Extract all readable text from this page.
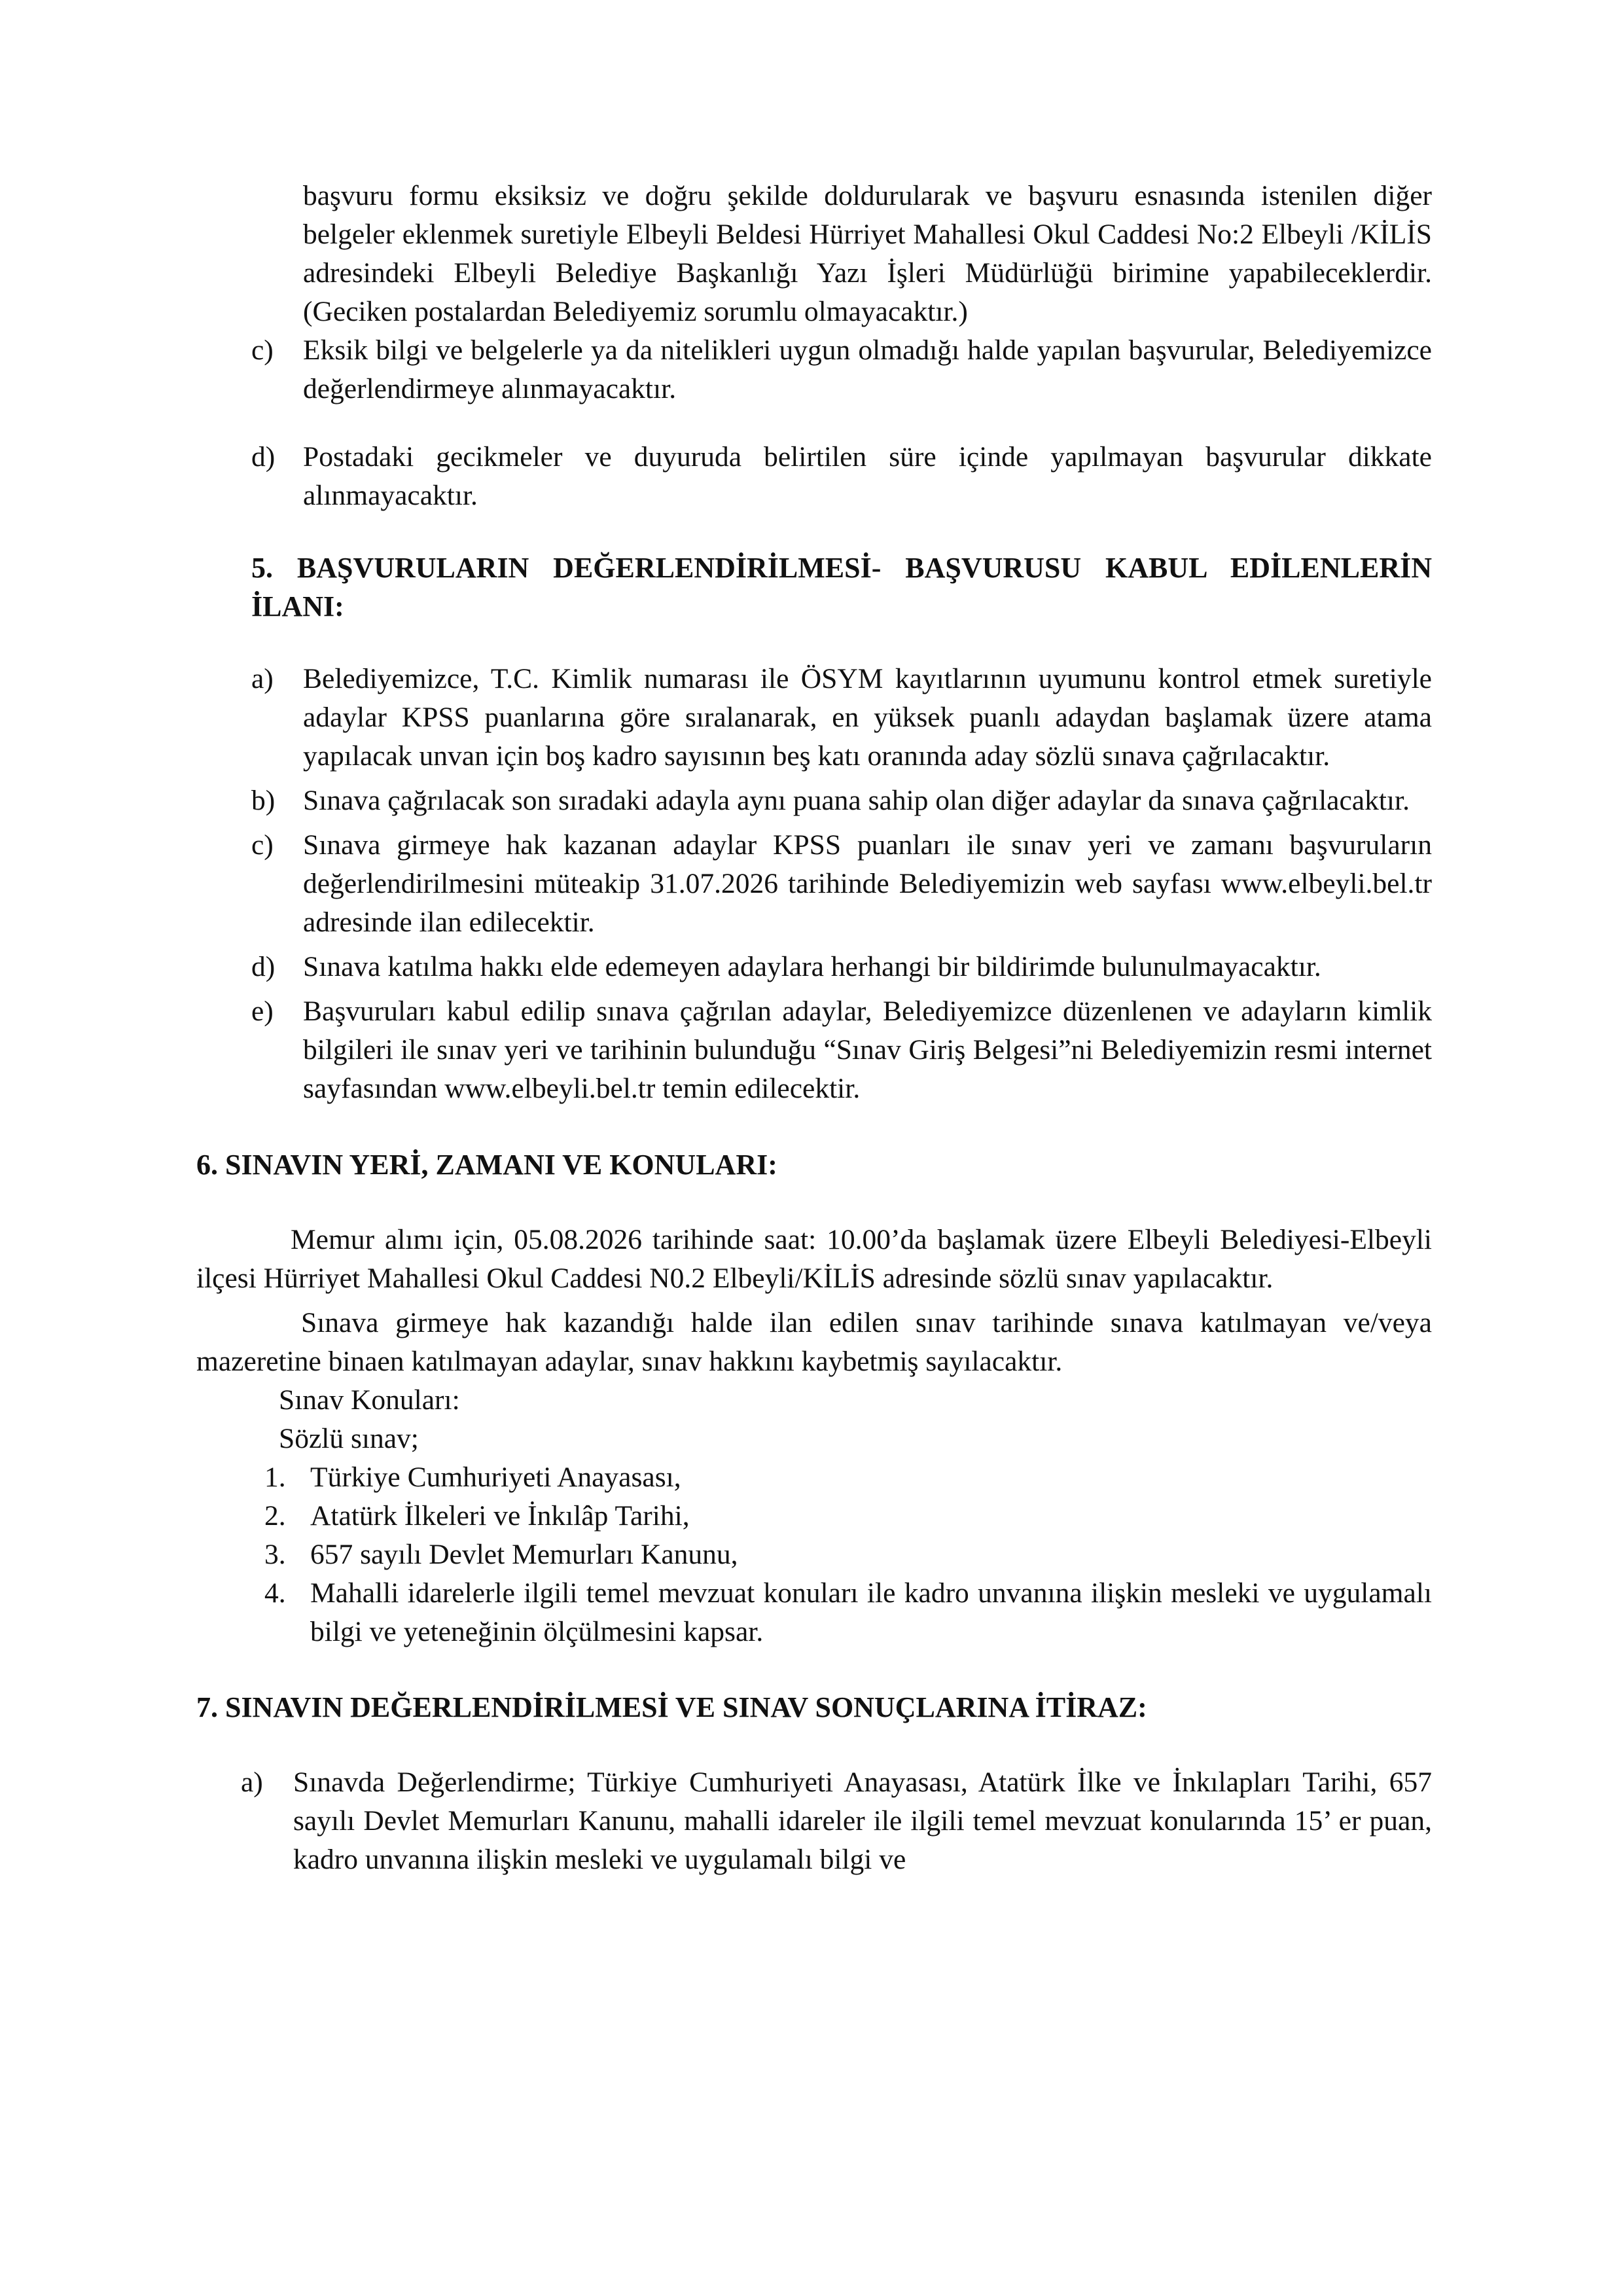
başvuru formu eksiksiz ve doğru şekilde doldurularak ve başvuru esnasında istenilen diğer belgeler eklenmek suretiyle Elbeyli Beldesi Hürriyet Mahallesi Okul Caddesi No:2 Elbeyli /KİLİS adresindeki Elbeyli Belediye Başkanlığı Yazı İşleri Müdürlüğü birimine yapabileceklerdir. (Geciken postalardan Belediyemiz sorumlu olmayacaktır.)

c)	Eksik bilgi ve belgelerle ya da nitelikleri uygun olmadığı halde yapılan başvurular, Belediyemizce değerlendirmeye alınmayacaktır.

d) Postadaki gecikmeler ve duyuruda belirtilen süre içinde yapılmayan başvurular dikkate alınmayacaktır.

5. BAŞVURULARIN DEĞERLENDİRİLMESİ- BAŞVURUSU KABUL EDİLENLERİN İLANI:

a)	Belediyemizce, T.C. Kimlik numarası ile ÖSYM kayıtlarının uyumunu kontrol etmek suretiyle adaylar KPSS puanlarına göre sıralanarak, en yüksek puanlı adaydan başlamak üzere atama yapılacak unvan için boş kadro sayısının beş katı oranında aday sözlü sınava çağrılacaktır.

b) Sınava çağrılacak son sıradaki adayla aynı puana sahip olan diğer adaylar da sınava çağrılacaktır.

c)	Sınava girmeye hak kazanan adaylar KPSS puanları ile sınav yeri ve zamanı başvuruların değerlendirilmesini müteakip 31.07.2026 tarihinde Belediyemizin web sayfası www.elbeyli.bel.tr adresinde ilan edilecektir.

d) Sınava katılma hakkı elde edemeyen adaylara herhangi bir bildirimde bulunulmayacaktır.

e)	Başvuruları kabul edilip sınava çağrılan adaylar, Belediyemizce düzenlenen ve adayların kimlik bilgileri ile sınav yeri ve tarihinin bulunduğu “Sınav Giriş Belgesi”ni Belediyemizin resmi internet sayfasından www.elbeyli.bel.tr temin edilecektir.

6. SINAVIN YERİ, ZAMANI VE KONULARI:

Memur alımı için, 05.08.2026 tarihinde saat: 10.00’da başlamak üzere Elbeyli Belediyesi-Elbeyli ilçesi Hürriyet Mahallesi Okul Caddesi N0.2 Elbeyli/KİLİS adresinde sözlü sınav yapılacaktır.

Sınava girmeye hak kazandığı halde ilan edilen sınav tarihinde sınava katılmayan ve/veya mazeretine binaen katılmayan adaylar, sınav hakkını kaybetmiş sayılacaktır.

Sınav Konuları:

Sözlü sınav;

1. Türkiye Cumhuriyeti Anayasası,

2. Atatürk İlkeleri ve İnkılâp Tarihi,

3. 657 sayılı Devlet Memurları Kanunu,

4. Mahalli idarelerle ilgili temel mevzuat konuları ile kadro unvanına ilişkin mesleki ve uygulamalı bilgi ve yeteneğinin ölçülmesini kapsar.

7. SINAVIN DEĞERLENDİRİLMESİ VE SINAV SONUÇLARINA İTİRAZ:

a)	Sınavda Değerlendirme; Türkiye Cumhuriyeti Anayasası, Atatürk İlke ve İnkılapları Tarihi, 657 sayılı Devlet Memurları Kanunu, mahalli idareler ile ilgili temel mevzuat konularında 15’ er puan, kadro unvanına ilişkin mesleki ve uygulamalı bilgi ve
